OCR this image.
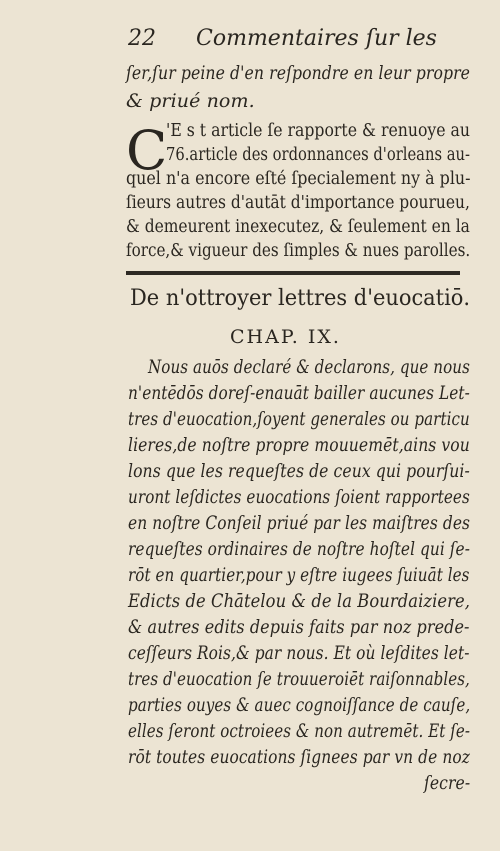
22 Commentaires ſur les
ſer,ſur peine d'en reſpondre en leur propre
& priué nom.
C
'E s t article ſe rapporte & renuoye au
76.article des ordonnances d'orleans au-
quel n'a encore eſté ſpecialement ny à plu-
ſieurs autres d'autāt d'importance pourueu,
& demeurent inexecutez, & ſeulement en la
force,& vigueur des ſimples & nues parolles.
De n'ottroyer lettres d'euocatiō.
CHAP. IX.
Nous auōs declaré & declarons, que nous
n'entēdōs doreſ-enauāt bailler aucunes Let-
tres d'euocation,ſoyent generales ou particu
lieres,de noſtre propre mouuemēt,ains vou
lons que les requeſtes de ceux qui pourſui-
uront leſdictes euocations ſoient rapportees
en noſtre Conſeil priué par les maiſtres des
requeſtes ordinaires de noſtre hoſtel qui ſe-
rōt en quartier,pour y eſtre iugees ſuiuāt les
Edicts de Chātelou & de la Bourdaiziere,
& autres edits depuis faits par noz prede-
ceſſeurs Rois,& par nous. Et où leſdites let-
tres d'euocation ſe trouueroiēt raiſonnables,
parties ouyes & auec cognoiſſance de cauſe,
elles ſeront octroiees & non autremēt. Et ſe-
rōt toutes euocations ſignees par vn de noz
ſecre-
